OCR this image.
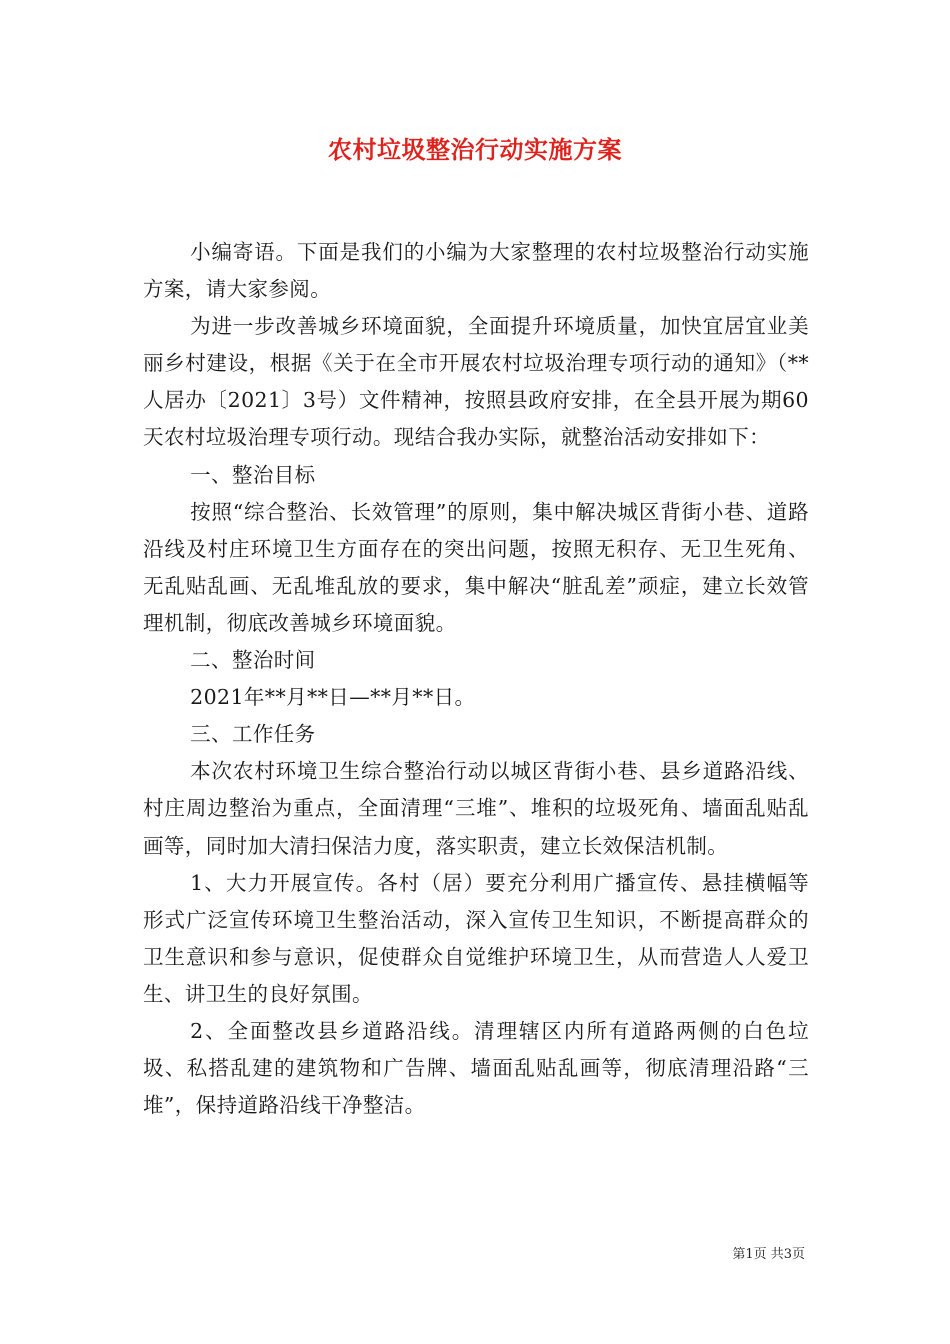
农村垃圾整治行动实施方案

小编寄语。下面是我们的小编为大家整理的农村垃圾整治行动实施方案，请大家参阅。

为进一步改善城乡环境面貌，全面提升环境质量，加快宜居宜业美丽乡村建设，根据《关于在全市开展农村垃圾治理专项行动的通知》（**人居办〔2021〕3号）文件精神，按照县政府安排，在全县开展为期60天农村垃圾治理专项行动。现结合我办实际，就整治活动安排如下：

一、整治目标

按照“综合整治、长效管理”的原则，集中解决城区背街小巷、道路沿线及村庄环境卫生方面存在的突出问题，按照无积存、无卫生死角、无乱贴乱画、无乱堆乱放的要求，集中解决“脏乱差”顽症，建立长效管理机制，彻底改善城乡环境面貌。

二、整治时间

2021年**月**日—**月**日。

三、工作任务

本次农村环境卫生综合整治行动以城区背街小巷、县乡道路沿线、村庄周边整治为重点，全面清理“三堆”、堆积的垃圾死角、墙面乱贴乱画等，同时加大清扫保洁力度，落实职责，建立长效保洁机制。

1、大力开展宣传。各村（居）要充分利用广播宣传、悬挂横幅等形式广泛宣传环境卫生整治活动，深入宣传卫生知识，不断提高群众的卫生意识和参与意识，促使群众自觉维护环境卫生，从而营造人人爱卫生、讲卫生的良好氛围。

2、全面整改县乡道路沿线。清理辖区内所有道路两侧的白色垃圾、私搭乱建的建筑物和广告牌、墙面乱贴乱画等，彻底清理沿路“三堆”，保持道路沿线干净整洁。

第1页 共3页
